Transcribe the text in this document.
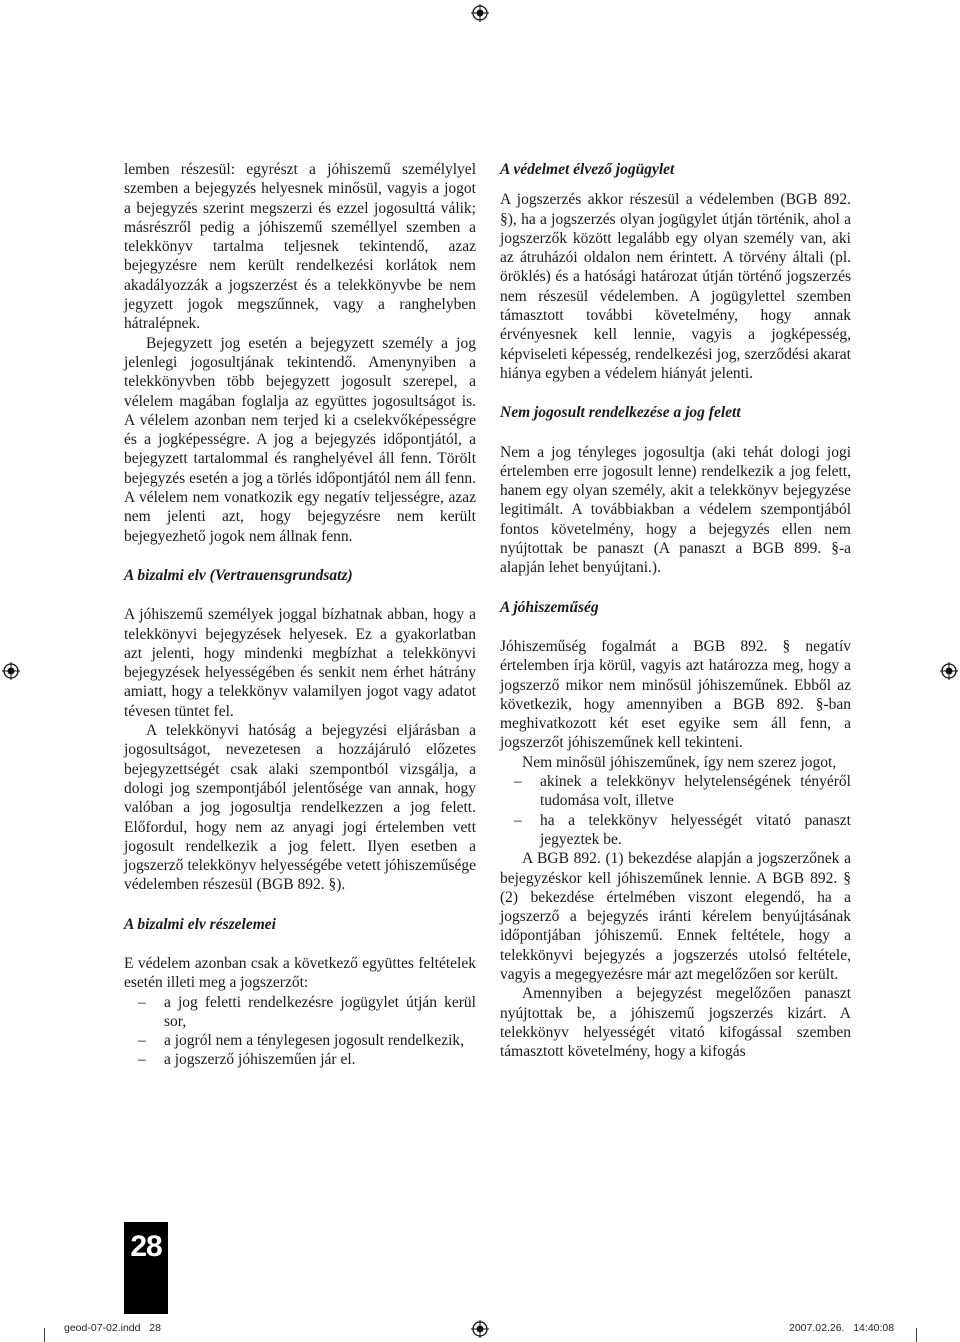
lemben részesül: egyrészt a jóhiszemű személylyel szemben a bejegyzés helyesnek minősül, vagyis a jogot a bejegyzés szerint megszerzi és ezzel jogosulttá válik; másrészről pedig a jóhiszemű személlyel szemben a telekkönyv tartalma teljesnek tekintendő, azaz bejegyzésre nem került rendelkezési korlátok nem akadályozzák a jogszerzést és a telekkönyvbe be nem jegyzett jogok megszűnnek, vagy a ranghelyben hátralépnek.

Bejegyzett jog esetén a bejegyzett személy a jog jelenlegi jogosultjának tekintendő. Amenynyiben a telekkönyvben több bejegyzett jogosult szerepel, a vélelem magában foglalja az együttes jogosultságot is. A vélelem azonban nem terjed ki a cselekvőképességre és a jogképességre. A jog a bejegyzés időpontjától, a bejegyzett tartalommal és ranghelyével áll fenn. Törölt bejegyzés esetén a jog a törlés időpontjától nem áll fenn. A vélelem nem vonatkozik egy negatív teljességre, azaz nem jelenti azt, hogy bejegyzésre nem került bejegyezhető jogok nem állnak fenn.

A bizalmi elv (Vertrauensgrundsatz)

A jóhiszemű személyek joggal bízhatnak abban, hogy a telekkönyvi bejegyzések helyesek. Ez a gyakorlatban azt jelenti, hogy mindenki megbízhat a telekkönyvi bejegyzések helyességében és senkit nem érhet hátrány amiatt, hogy a telekkönyv valamilyen jogot vagy adatot tévesen tüntet fel.

A telekkönyvi hatóság a bejegyzési eljárásban a jogosultságot, nevezetesen a hozzájáruló előzetes bejegyzettségét csak alaki szempontból vizsgálja, a dologi jog szempontjából jelentősége van annak, hogy valóban a jog jogosultja rendelkezzen a jog felett. Előfordul, hogy nem az anyagi jogi értelemben vett jogosult rendelkezik a jog felett. Ilyen esetben a jogszerző telekkönyv helyességébe vetett jóhiszeműsége védelemben részesül (BGB 892. §).

A bizalmi elv részelemei

E védelem azonban csak a következő együttes feltételek esetén illeti meg a jogszerzőt:

– a jog feletti rendelkezésre jogügylet útján kerül sor,
– a jogról nem a ténylegesen jogosult rendelkezik,
– a jogszerző jóhiszeműen jár el.
A védelmet élvező jogügylet

A jogszerzés akkor részesül a védelemben (BGB 892. §), ha a jogszerzés olyan jogügylet útján történik, ahol a jogszerzők között legalább egy olyan személy van, aki az átruházói oldalon nem érintett. A törvény általi (pl. öröklés) és a hatósági határozat útján történő jogszerzés nem részesül védelemben. A jogügylettel szemben támasztott további követelmény, hogy annak érvényesnek kell lennie, vagyis a jogképesség, képviseleti képesség, rendelkezési jog, szerződési akarat hiánya egyben a védelem hiányát jelenti.

Nem jogosult rendelkezése a jog felett

Nem a jog tényleges jogosultja (aki tehát dologi jogi értelemben erre jogosult lenne) rendelkezik a jog felett, hanem egy olyan személy, akit a telekkönyv bejegyzése legitimált. A továbbiakban a védelem szempontjából fontos követelmény, hogy a bejegyzés ellen nem nyújtottak be panaszt (A panaszt a BGB 899. §-a alapján lehet benyújtani.).

A jóhiszeműség

Jóhiszeműség fogalmát a BGB 892. § negatív értelemben írja körül, vagyis azt határozza meg, hogy a jogszerző mikor nem minősül jóhiszeműnek. Ebből az következik, hogy amennyiben a BGB 892. §-ban meghivatkozott két eset egyike sem áll fenn, a jogszerzőt jóhiszeműnek kell tekinteni.

Nem minősül jóhiszeműnek, így nem szerez jogot,

– akinek a telekkönyv helytelenségének tényéről tudomása volt, illetve
– ha a telekkönyv helyességét vitató panaszt jegyeztek be.

A BGB 892. (1) bekezdése alapján a jogszerzőnek a bejegyzéskor kell jóhiszeműnek lennie. A BGB 892. § (2) bekezdése értelmében viszont elegendő, ha a jogszerző a bejegyzés iránti kérelem benyújtásának időpontjában jóhiszemű. Ennek feltétele, hogy a telekkönyvi bejegyzés a jogszerzés utolsó feltétele, vagyis a megegyezésre már azt megelőzően sor került.

Amennyiben a bejegyzést megelőzően panaszt nyújtottak be, a jóhiszemű jogszerzés kizárt. A telekkönyv helyességét vitató kifogással szemben támasztott követelmény, hogy a kifogás

28
geod-07-02.indd   28	2007.02.26.   14:40:08
